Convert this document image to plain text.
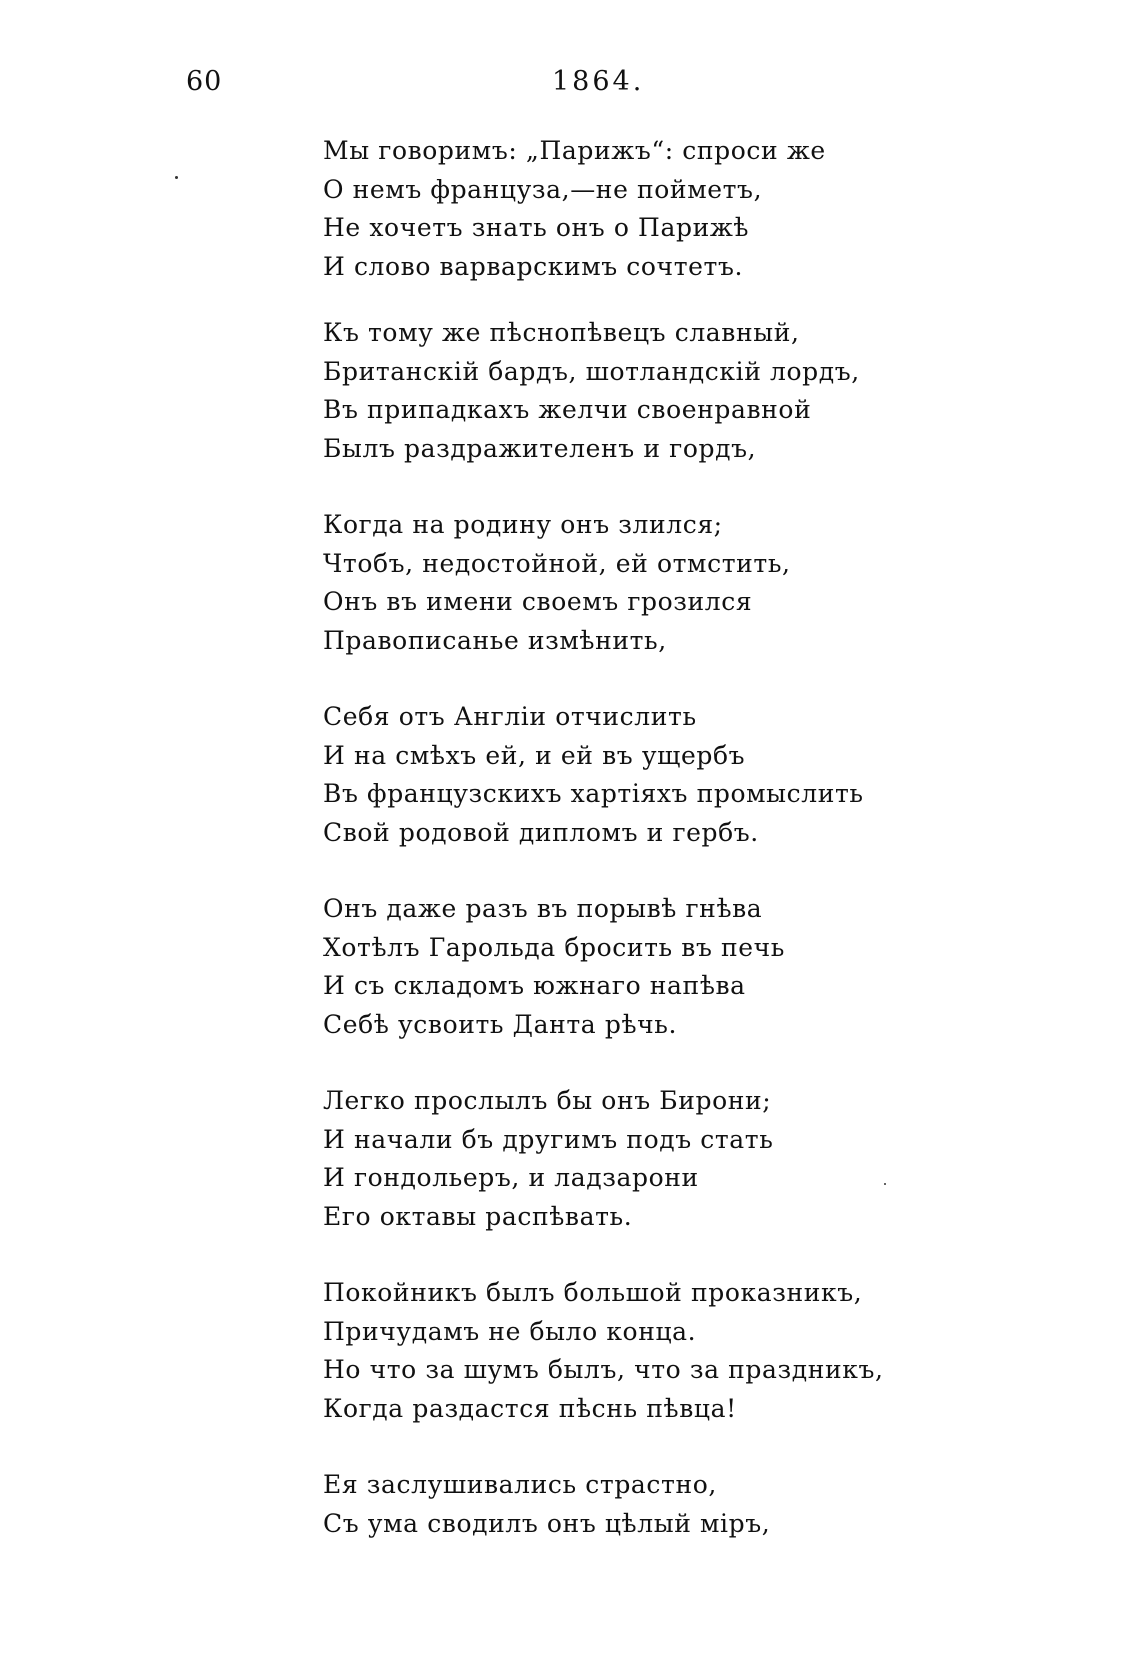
60	1864.
Мы говоримъ: „Парижъ“: спроси же
О немъ француза,—не пойметъ,
Не хочетъ знать онъ о Парижѣ
И слово варварскимъ сочтетъ.
Къ тому же пѣснопѣвецъ славный,
Британскій бардъ, шотландскій лордъ,
Въ припадкахъ желчи своенравной
Былъ раздражителенъ и гордъ,
Когда на родину онъ злился;
Чтобъ, недостойной, ей отмстить,
Онъ въ имени своемъ грозился
Правописанье измѣнить,
Себя отъ Англіи отчислить
И на смѣхъ ей, и ей въ ущербъ
Въ французскихъ хартіяхъ промыслить
Свой родовой дипломъ и гербъ.
Онъ даже разъ въ порывѣ гнѣва
Хотѣлъ Гарольда бросить въ печь
И съ складомъ южнаго напѣва
Себѣ усвоить Данта рѣчь.
Легко прослылъ бы онъ Бирони;
И начали бъ другимъ подъ стать
И гондольеръ, и ладзарони
Его октавы распѣвать.
Покойникъ былъ большой проказникъ,
Причудамъ не было конца.
Но что за шумъ былъ, что за праздникъ,
Когда раздастся пѣснь пѣвца!
Ея заслушивались страстно,
Съ ума сводилъ онъ цѣлый міръ,
